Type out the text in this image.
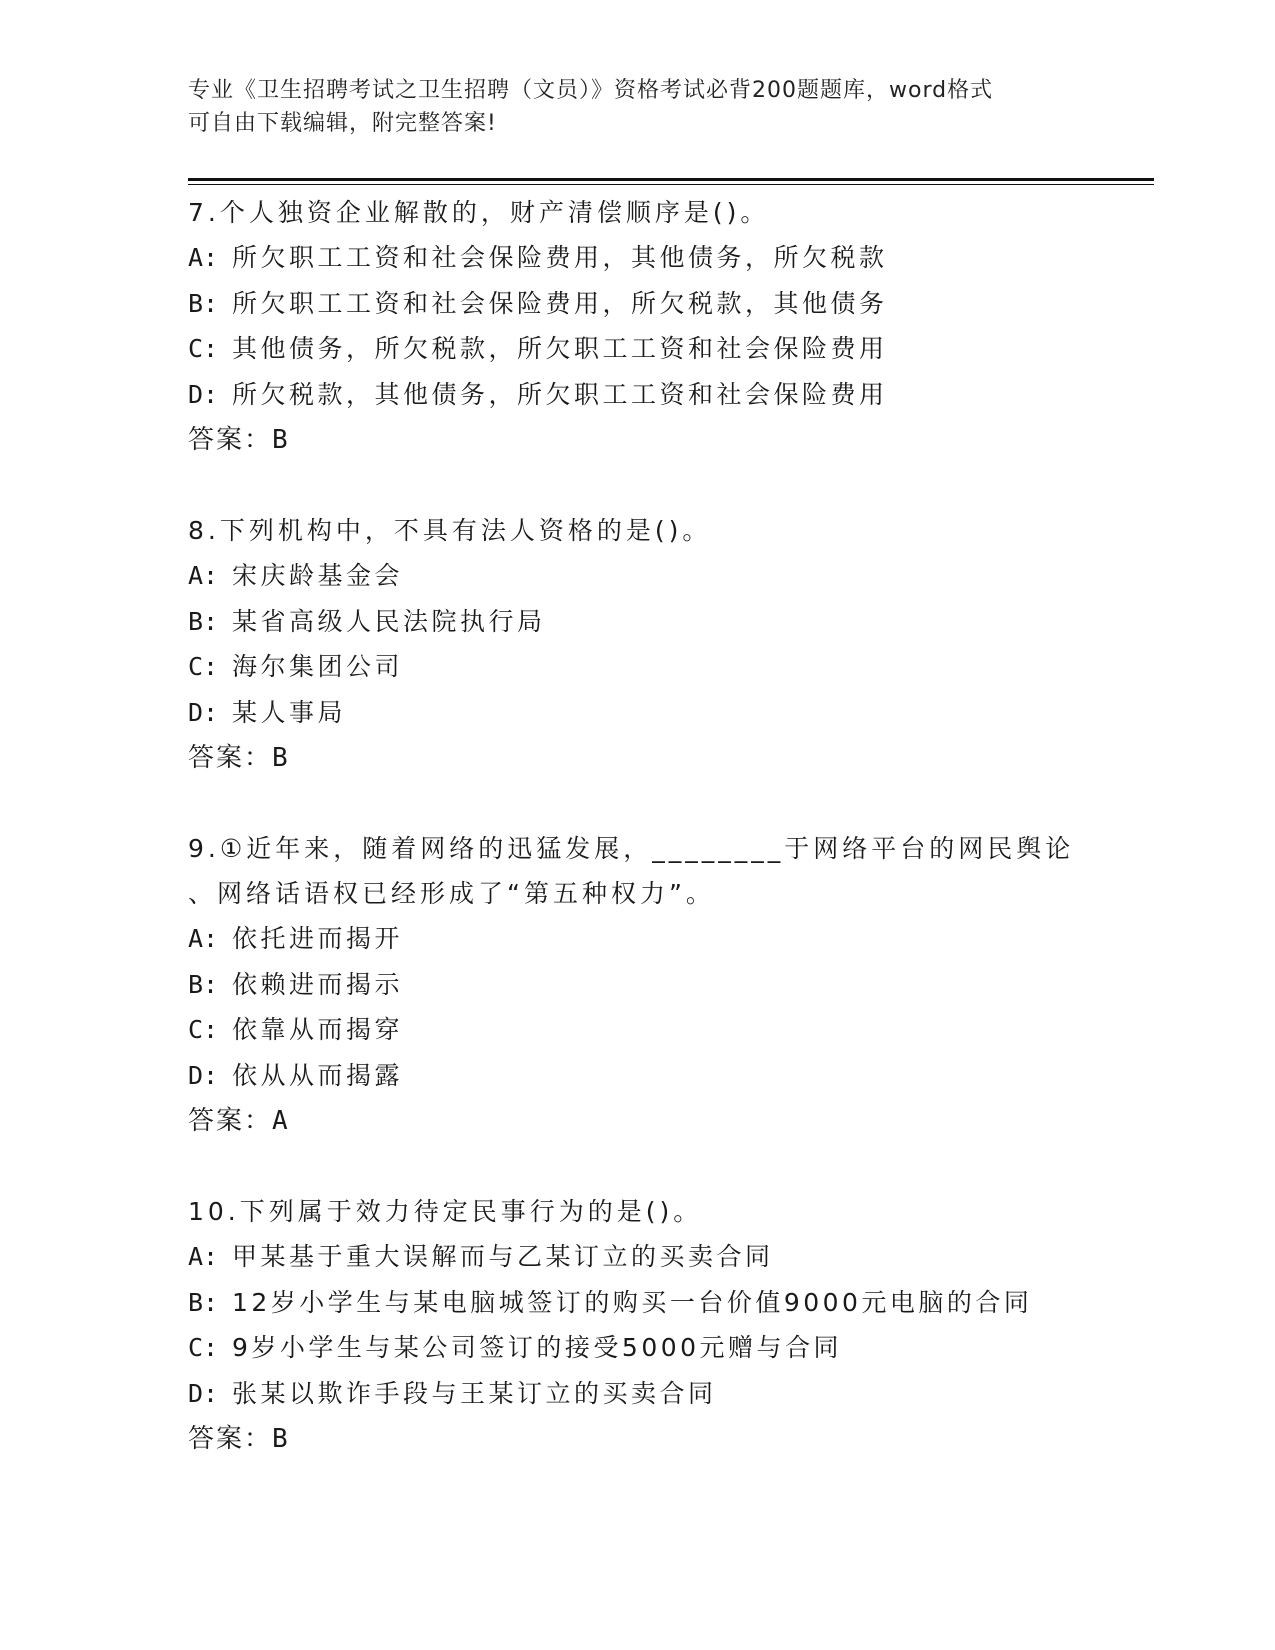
专业《卫生招聘考试之卫生招聘（文员）》资格考试必背200题题库，word格式
可自由下载编辑，附完整答案!
7.个人独资企业解散的，财产清偿顺序是()。
A: 所欠职工工资和社会保险费用，其他债务，所欠税款
B: 所欠职工工资和社会保险费用，所欠税款，其他债务
C: 其他债务，所欠税款，所欠职工工资和社会保险费用
D: 所欠税款，其他债务，所欠职工工资和社会保险费用
答案：B
8.下列机构中，不具有法人资格的是()。
A: 宋庆龄基金会
B: 某省高级人民法院执行局
C: 海尔集团公司
D: 某人事局
答案：B
9.①近年来，随着网络的迅猛发展，________于网络平台的网民舆论
、网络话语权已经形成了“第五种权力”。
A: 依托进而揭开
B: 依赖进而揭示
C: 依靠从而揭穿
D: 依从从而揭露
答案：A
10.下列属于效力待定民事行为的是()。
A: 甲某基于重大误解而与乙某订立的买卖合同
B: 12岁小学生与某电脑城签订的购买一台价值9000元电脑的合同
C: 9岁小学生与某公司签订的接受5000元赠与合同
D: 张某以欺诈手段与王某订立的买卖合同
答案：B
